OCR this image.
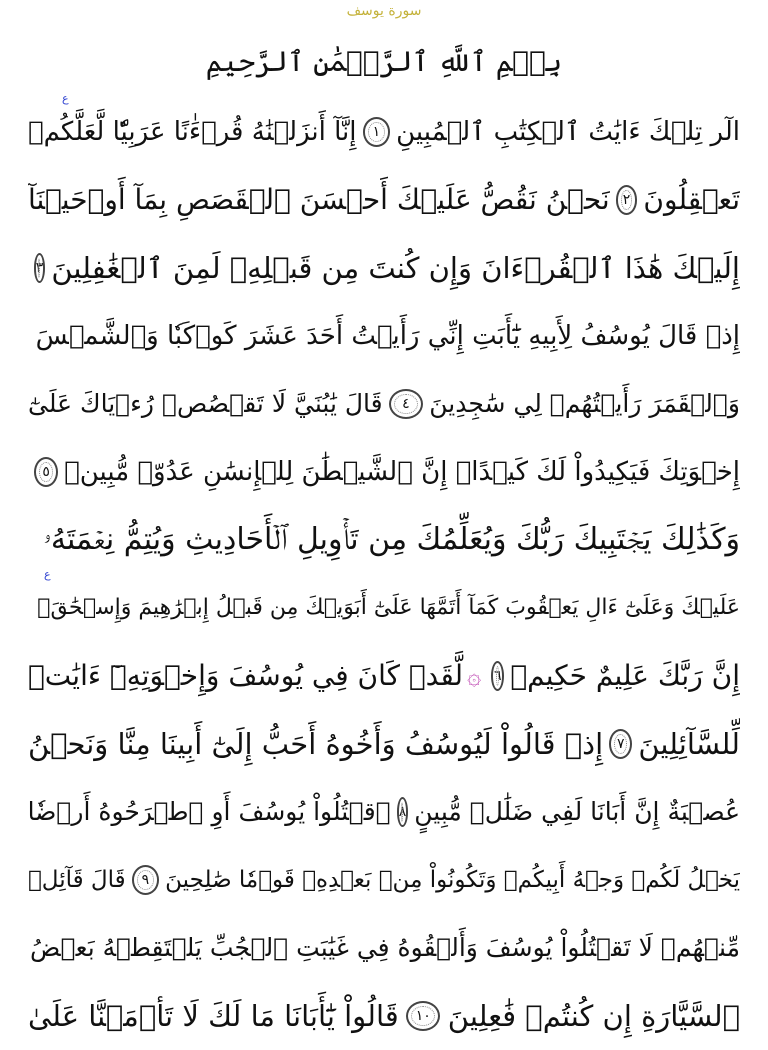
سورة يوسف
بِسۡمِ ٱللَّهِ ٱلرَّحۡمَٰنِ ٱلرَّحِيمِ
ع
ع
الٓر تِلۡكَ ءَايَٰتُ ٱلۡكِتَٰبِ ٱلۡمُبِينِ
١
إِنَّآ أَنزَلۡنَٰهُ قُرۡءَٰنًا عَرَبِيّٗا لَّعَلَّكُمۡ
تَعۡقِلُونَ
٢
نَحۡنُ نَقُصُّ عَلَيۡكَ أَحۡسَنَ ٱلۡقَصَصِ بِمَآ أَوۡحَيۡنَآ
إِلَيۡكَ هَٰذَا ٱلۡقُرۡءَانَ وَإِن كُنتَ مِن قَبۡلِهِۦ لَمِنَ ٱلۡغَٰفِلِينَ
٣
إِذۡ قَالَ يُوسُفُ لِأَبِيهِ يَٰٓأَبَتِ إِنِّي رَأَيۡتُ أَحَدَ عَشَرَ كَوۡكَبٗا وَٱلشَّمۡسَ
وَٱلۡقَمَرَ رَأَيۡتُهُمۡ لِي سَٰجِدِينَ
٤
قَالَ يَٰبُنَيَّ لَا تَقۡصُصۡ رُءۡيَاكَ عَلَىٰٓ
إِخۡوَتِكَ فَيَكِيدُواْ لَكَ كَيۡدًاۖ إِنَّ ٱلشَّيۡطَٰنَ لِلۡإِنسَٰنِ عَدُوّٞ مُّبِينٞ
٥
وَكَذَٰلِكَ يَجۡتَبِيكَ رَبُّكَ وَيُعَلِّمُكَ مِن تَأۡوِيلِ ٱلۡأَحَادِيثِ وَيُتِمُّ نِعۡمَتَهُۥ
عَلَيۡكَ وَعَلَىٰٓ ءَالِ يَعۡقُوبَ كَمَآ أَتَمَّهَا عَلَىٰٓ أَبَوَيۡكَ مِن قَبۡلُ إِبۡرَٰهِيمَ وَإِسۡحَٰقَۚ
إِنَّ رَبَّكَ عَلِيمٌ حَكِيمٞ
٦
۞
لَّقَدۡ كَانَ فِي يُوسُفَ وَإِخۡوَتِهِۦٓ ءَايَٰتٞ
لِّلسَّآئِلِينَ
٧
إِذۡ قَالُواْ لَيُوسُفُ وَأَخُوهُ أَحَبُّ إِلَىٰٓ أَبِينَا مِنَّا وَنَحۡنُ
عُصۡبَةٌ إِنَّ أَبَانَا لَفِي ضَلَٰلٖ مُّبِينٍ
٨
ٱقۡتُلُواْ يُوسُفَ أَوِ ٱطۡرَحُوهُ أَرۡضٗا
يَخۡلُ لَكُمۡ وَجۡهُ أَبِيكُمۡ وَتَكُونُواْ مِنۢ بَعۡدِهِۦ قَوۡمٗا صَٰلِحِينَ
٩
قَالَ قَآئِلٞ
مِّنۡهُمۡ لَا تَقۡتُلُواْ يُوسُفَ وَأَلۡقُوهُ فِي غَيَٰبَتِ ٱلۡجُبِّ يَلۡتَقِطۡهُ بَعۡضُ
ٱلسَّيَّارَةِ إِن كُنتُمۡ فَٰعِلِينَ
١٠
قَالُواْ يَٰٓأَبَانَا مَا لَكَ لَا تَأۡمَ۬نَّا عَلَىٰ
